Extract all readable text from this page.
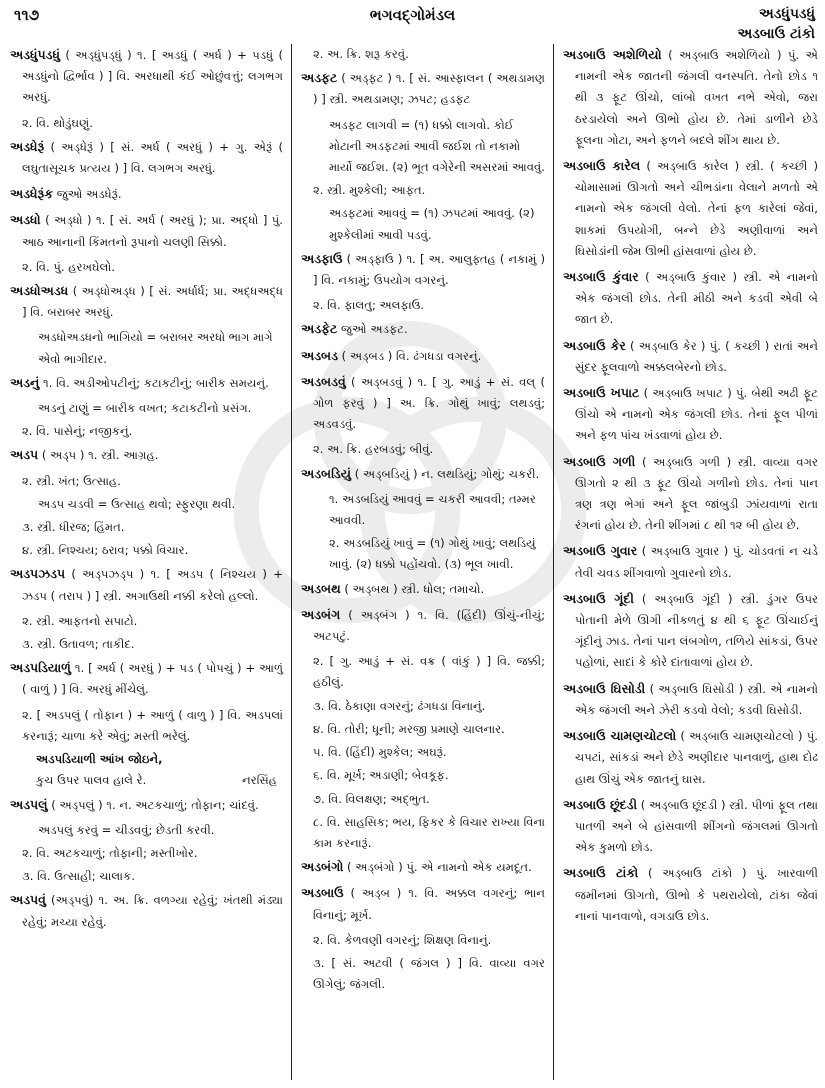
૧૧૭	ભગવદ્ગોમંડલ	અડધુંપડધું
અડબાઉ ટાંકો

અડધુંપડધું ( અડ્ધુંપડ્ધું ) ૧. [ અડધું ( અર્ધ ) + પડધું ( અડધુંનો દ્વિર્ભાવ ) ] વિ. અરધાથી કંઈ ઓછુંવત્તું; લગભગ અરધું.

૨. વિ. થોડુંઘણું.

અડધેરૂં ( અડ્ધેરૂં ) [ સં. અર્ધ ( અરધું ) + ગુ. એરૂં ( લઘુતાસૂચક પ્રત્યય ) ] વિ. લગભગ અરધું.

અડધેરૂંક જુઓ અડધેરૂં.

અડધો ( અડ્ધો ) ૧. [ સં. અર્ધ ( અરધું ); પ્રા. અદ્ધો ] પું. આઠ આનાની કિંમતનો રૂપાનો ચલણી સિક્કો.

૨. વિ. પું. હરખઘેલો.

અડધોઅડધ ( અડ્ધોઅડ્ધ ) [ સં. અર્ધાર્ધ; પ્રા. અદ્ધઅદ્ધ ] વિ. બરાબર અરધું.

અડધોઅડધનો ભાગિયો = બરાબર અરધો ભાગ માગે એવો ભાગીદાર.

અડનું ૧. વિ. અડીઓપટીનું; કટાકટીનું; બારીક સમયનું.

અડનું ટાણું = બારીક વખત; કટાકટીનો પ્રસંગ.

૨. વિ. પાસેનું; નજીકનું.

અડપ ( અડ્પ ) ૧. સ્ત્રી. આગ્રહ.

૨. સ્ત્રી. ખંત; ઉત્સાહ.

અડપ ચડવી = ઉત્સાહ થવો; સ્ફુરણા થવી.

૩. સ્ત્રી. ધીરજ; હિંમત.

૪. સ્ત્રી. નિશ્ચય; ઠરાવ; પક્કો વિચાર.

અડપઝડપ ( અડ્પઝડ્પ ) ૧. [ અડપ ( નિશ્ચય ) + ઝડપ ( તરાપ ) ] સ્ત્રી. અગાઉથી નક્કી કરેલો હલ્લો.

૨. સ્ત્રી. આફતનો સપાટો.

૩. સ્ત્રી. ઉતાવળ; તાકીદ.

અડપડિયાળું ૧. [ અર્ધ ( અરધું ) + પડ ( પોપચું ) + આળું ( વાળું ) ] વિ. અરધું મીંચેલું.

૨. [ અડપલું ( તોફાન ) + આળું ( વાળુ ) ] વિ. અડપલાં કરનારૂં; ચાળા કરે એવું; મસ્તી ભરેલું.

અડપડિયાળી આંખ જોઇને,
કુચ ઉપર પાલવ હાલે રે.	નરસિંહ

અડપલું ( અડ્પલું ) ૧. ન. અટકચાળું; તોફાન; ચાંદવું.

અડપલું કરવું = ચીડવવું; છેડતી કરવી.

૨. વિ. અટકચાળું; તોફાની; મસ્તીખોર.

૩. વિ. ઉત્સાહી; ચાલાક.

અડપવું (અડ્પવું) ૧. અ. ક્રિ. વળગ્યા રહેવું; ખંતથી મંડ્યા રહેવું; મચ્યા રહેવું.

૨. અ. ક્રિ. શરૂ કરવું.

અડફટ ( અડ્ફટ ) ૧. [ સં. આસ્ફાલન ( અથડામણ ) ] સ્ત્રી. અથડામણ; ઝપટ; હડફટ

અડફટ લાગવી = (૧) ધક્કો લાગવો. કોઈ મોટાની અડફટમાં આવી જઈશ તો નકામો માર્યો જઈશ. (૨) ભૂત વગેરેની અસરમાં આવવું.

૨. સ્ત્રી. મુશ્કેલી; આફત.

અડફટમાં આવવું = (૧) ઝપટમાં આવવું. (૨) મુશ્કેલીમાં આવી પડવું.

અડફાઉ ( અડ્ફાઉ ) ૧. [ અ. આલુફ્તહ ( નકામું ) ] વિ. નકામું; ઉપયોગ વગરનું.

૨. વિ. ફાલતુ; અલફાઉ.

અડફેટ જુઓ અડફટ.

અડબડ ( અડ્બડ ) વિ. ઢંગધડા વગરનું.

અડબડવું ( અડ્બડવું ) ૧. [ ગુ. આડું + સં. વલ્ ( ગોળ ફરવું ) ] અ. ક્રિ. ગોથું ખાવું; લથડવું; અડવડવું.

૨. અ. ક્રિ. હરબડવું; બીવું.

અડબડિયું ( અડ્બડિયું ) ન. લથડિયું; ગોથું; ચકરી.

૧. અડબડિયું આવવું = ચકરી આવવી; તમ્મર આવવી.

૨. અડબડિયું ખાવું = (૧) ગોથું ખાવું; લથડિયું ખાવું. (૨) ધક્કો પહોંચવો. (૩) ભૂલ ખાવી.

અડબથ ( અડ્બથ ) સ્ત્રી. ધોલ; તમાચો.

અડબંગ ( અડ્બંગ ) ૧. વિ. (હિંદી) ઊંચું-નીચું; અટપટું.

૨. [ ગુ. આડું + સં. વક્ર ( વાંકું ) ] વિ. જક્કી; હઠીલું.

૩. વિ. ઠેકાણા વગરનું; ઢંગધડા વિનાનું.

૪. વિ. તોરી; ધૂની; મરજી પ્રમાણે ચાલનાર.

૫. વિ. (હિંદી) મુશ્કેલ; અઘરૂં.

૬. વિ. મૂર્ખ; અડાણી; બેવકૂફ.

૭. વિ. વિલક્ષણ; અદ્ભુત.

૮. વિ. સાહસિક; ભય, ફિકર કે વિચાર રાખ્યા વિના કામ કરનારૂં.

અડબંગો ( અડ્બંગો ) પું. એ નામનો એક યમદૂત.

અડબાઉ ( અડ્બ ) ૧. વિ. અક્કલ વગરનું; ભાન વિનાનું; મૂર્ખ.

૨. વિ. કેળવણી વગરનું; શિક્ષણ વિનાનું.

૩. [ સં. અટવી ( જંગલ ) ] વિ. વાવ્યા વગર ઊગેલું; જંગલી.

અડબાઉ અશેળિયો ( અડ્બાઉ અશેળિયો ) પું. એ નામની એક જાતની જંગલી વનસ્પતિ. તેનો છોડ ૧ થી ૩ ફૂટ ઊંચો, લાંબો વખત નભે એવો, જરા ઠરડાયેલો અને ઊભો હોય છે. તેમાં ડાળીને છેડે ફૂલના ગોટા, અને ફળને બદલે શીંગ થાય છે.

અડબાઉ કારેલ ( અડ્બાઉ કારેલ ) સ્ત્રી. ( કચ્છી ) ચોમાસામાં ઊગતો અને ચીભડાંના વેલાને મળતો એ નામનો એક જંગલી વેલો. તેનાં ફળ કારેલાં જેવાં, શાકમાં ઉપયોગી, બન્ને છેડે અણીવાળાં અને ઘિસોડાંની જેમ ઊભી હાંસવાળાં હોય છે.

અડબાઉ કુંવાર ( અડ્બાઉ કુંવાર ) સ્ત્રી. એ નામનો એક જંગલી છોડ. તેની મીઠી અને કડવી એવી બે જાત છે.

અડબાઉ કેર ( અડ્બાઉ કેર ) પું. ( કચ્છી ) રાતાં અને સુંદર ફૂલવાળો અક્કલબેરનો છોડ.

અડબાઉ ખપાટ ( અડ્બાઉ ખપાટ ) પું. બેથી અઢી ફૂટ ઊંચો એ નામનો એક જંગલી છોડ. તેનાં ફૂલ પીળાં અને ફળ પાંચ ખંડવાળાં હોય છે.

અડબાઉ ગળી ( અડ્બાઉ ગળી ) સ્ત્રી. વાવ્યા વગર ઊગતો ૨ થી ૩ ફૂટ ઊંચો ગળીનો છોડ. તેનાં પાન ત્રણ ત્રણ ભેગાં અને ફૂલ જાંબુડી ઝાંયવાળાં રાતા રંગનાં હોય છે. તેની શીંગમાં ૮ થી ૧૨ બી હોય છે.

અડબાઉ ગુવાર ( અડ્બાઉ ગુવાર ) પું. ચોડવતાં ન ચડે તેવી ચવડ શીંગવાળો ગુવારનો છોડ.

અડબાઉ ગૂંદી ( અડ્બાઉ ગૂંદી ) સ્ત્રી. ડુંગર ઉપર પોતાની મેળે ઊગી નીકળતું ૪ થી ૬ ફૂટ ઊંચાઈનું ગૂંદીનું ઝાડ. તેનાં પાન લંબગોળ, તળિયે સાંકડાં, ઉપર પહોળાં, સાદાં કે કોરે દાંતાવાળાં હોય છે.

અડબાઉ ઘિસોડી ( અડ્બાઉ ઘિસોડી ) સ્ત્રી. એ નામનો એક જંગલી અને ઝેરી કડવો વેલો; કડવી ઘિસોડી.

અડબાઉ ચામણચોટલો ( અડ્બાઉ ચામણચોટલો ) પું. ચપટાં, સાંકડાં અને છેડે અણીદાર પાનવાળું, હાથ દોઢ હાથ ઊંચું એક જાતનું ઘાસ.

અડબાઉ છૂંદડી ( અડ્બાઉ છૂંદડી ) સ્ત્રી. પીળાં ફૂલ તથા પાતળી અને બે હાંસવાળી શીંગનો જંગલમાં ઊગતો એક કુમળો છોડ.

અડબાઉ ટાંકો ( અડ્બાઉ ટાંકો ) પું. ખારવાળી જમીનમાં ઊગતો, ઊભો કે પથરાયેલો, ટાંકા જેવાં નાનાં પાનવાળો, વગડાઉ છોડ.
